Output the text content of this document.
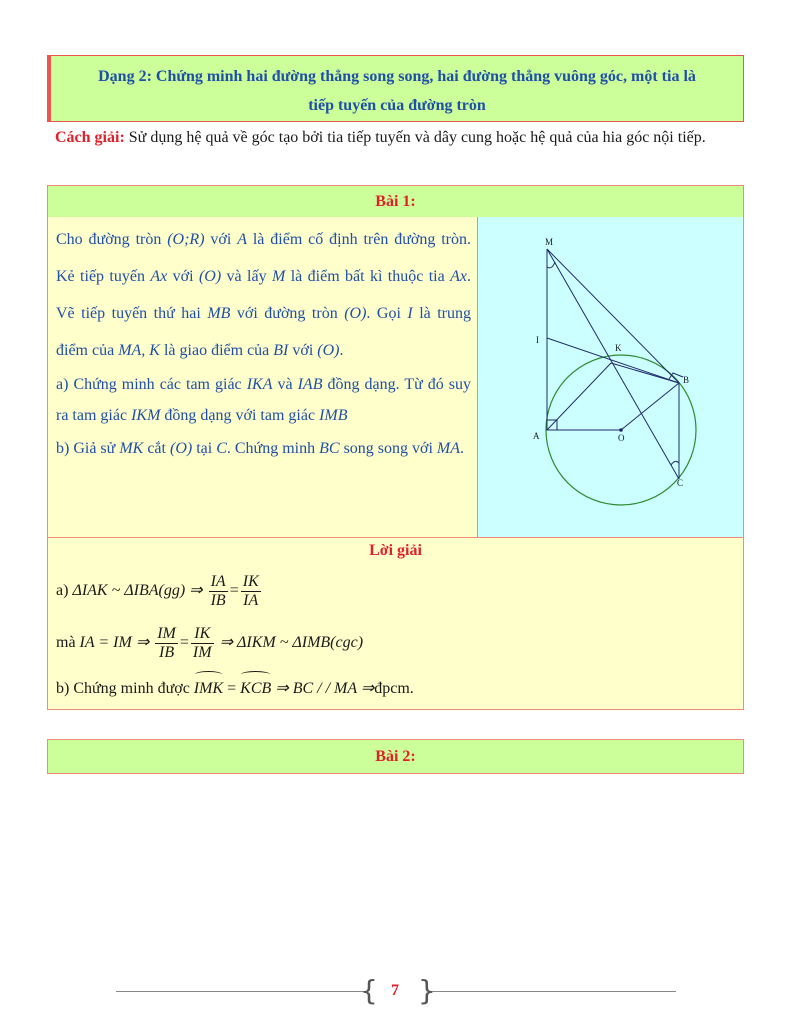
Dạng 2: Chứng minh hai đường thẳng song song, hai đường thẳng vuông góc, một tia là
tiếp tuyến của đường tròn
Cách giải: Sử dụng hệ quả về góc tạo bởi tia tiếp tuyến và dây cung hoặc hệ quả của hia góc nội tiếp.
Bài 1:

Cho đường tròn (O;R) với A là điểm cố định trên đường tròn. Kẻ tiếp tuyến Ax với (O) và lấy M là điểm bất kì thuộc tia Ax. Vẽ tiếp tuyến thứ hai MB với đường tròn (O). Gọi I là trung điểm của MA, K là giao điểm của BI với (O).

a) Chứng minh các tam giác IKA và IAB đồng dạng. Từ đó suy ra tam giác IKM đồng dạng với tam giác IMB

b) Giả sử MK cắt (O) tại C. Chứng minh BC song song với MA.

M
I
K
B
A	O
C
Lời giải
a) ΔIAK ~ ΔIBA(gg) ⇒ $\frac{IA}{IB} = \frac{IK}{IA}$
mà IA = IM ⇒ $\frac{IM}{IB} = \frac{IK}{IM}$ ⇒ ΔIKM ~ ΔIMB(cgc)
b) Chứng minh được IMK = KCB ⇒ BC / / MA ⇒đpcm.
Bài 2:
{ }
7
